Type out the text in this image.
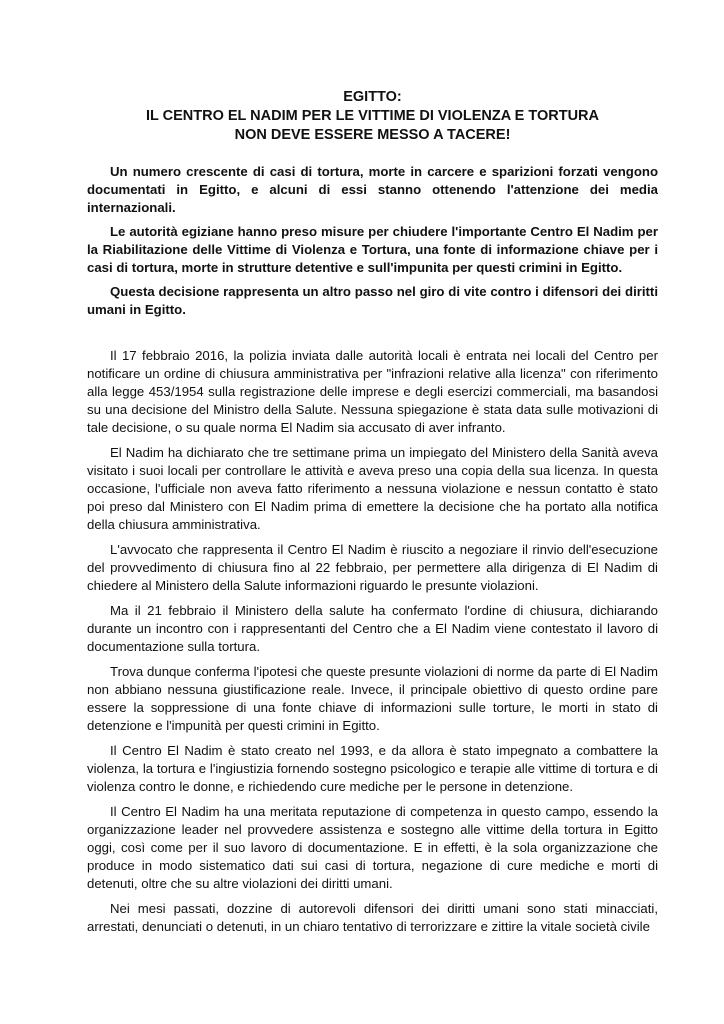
EGITTO:
IL CENTRO EL NADIM PER LE VITTIME DI VIOLENZA E TORTURA
NON DEVE ESSERE MESSO A TACERE!

Un numero crescente di casi di tortura, morte in carcere e sparizioni forzati vengono documentati in Egitto, e alcuni di essi stanno ottenendo l'attenzione dei media internazionali.

Le autorità egiziane hanno preso misure per chiudere l'importante Centro El Nadim per la Riabilitazione delle Vittime di Violenza e Tortura, una fonte di informazione chiave per i casi di tortura, morte in strutture detentive e sull'impunita per questi crimini in Egitto.

Questa decisione rappresenta un altro passo nel giro di vite contro i difensori dei diritti umani in Egitto.

Il 17 febbraio 2016, la polizia inviata dalle autorità locali è entrata nei locali del Centro per notificare un ordine di chiusura amministrativa per "infrazioni relative alla licenza" con riferimento alla legge 453/1954 sulla registrazione delle imprese e degli esercizi commerciali, ma basandosi su una decisione del Ministro della Salute. Nessuna spiegazione è stata data sulle motivazioni di tale decisione, o su quale norma El Nadim sia accusato di aver infranto.

El Nadim ha dichiarato che tre settimane prima un impiegato del Ministero della Sanità aveva visitato i suoi locali per controllare le attività e aveva preso una copia della sua licenza. In questa occasione, l'ufficiale non aveva fatto riferimento a nessuna violazione e nessun contatto è stato poi preso dal Ministero con El Nadim prima di emettere la decisione che ha portato alla notifica della chiusura amministrativa.

L'avvocato che rappresenta il Centro El Nadim è riuscito a negoziare il rinvio dell'esecuzione del provvedimento di chiusura fino al 22 febbraio, per permettere alla dirigenza di El Nadim di chiedere al Ministero della Salute informazioni riguardo le presunte violazioni.

Ma il 21 febbraio il Ministero della salute ha confermato l'ordine di chiusura, dichiarando durante un incontro con i rappresentanti del Centro che a El Nadim viene contestato il lavoro di documentazione sulla tortura.

Trova dunque conferma l'ipotesi che queste presunte violazioni di norme da parte di El Nadim non abbiano nessuna giustificazione reale. Invece, il principale obiettivo di questo ordine pare essere la soppressione di una fonte chiave di informazioni sulle torture, le morti in stato di detenzione e l'impunità per questi crimini in Egitto.

Il Centro El Nadim è stato creato nel 1993, e da allora è stato impegnato a combattere la violenza, la tortura e l'ingiustizia fornendo sostegno psicologico e terapie alle vittime di tortura e di violenza contro le donne, e richiedendo cure mediche per le persone in detenzione.

Il Centro El Nadim ha una meritata reputazione di competenza in questo campo, essendo la organizzazione leader nel provvedere assistenza e sostegno alle vittime della tortura in Egitto oggi, così come per il suo lavoro di documentazione. E in effetti, è la sola organizzazione che produce in modo sistematico dati sui casi di tortura, negazione di cure mediche e morti di detenuti, oltre che su altre violazioni dei diritti umani.

Nei mesi passati, dozzine di autorevoli difensori dei diritti umani sono stati minacciati, arrestati, denunciati o detenuti, in un chiaro tentativo di terrorizzare e zittire la vitale società civile
